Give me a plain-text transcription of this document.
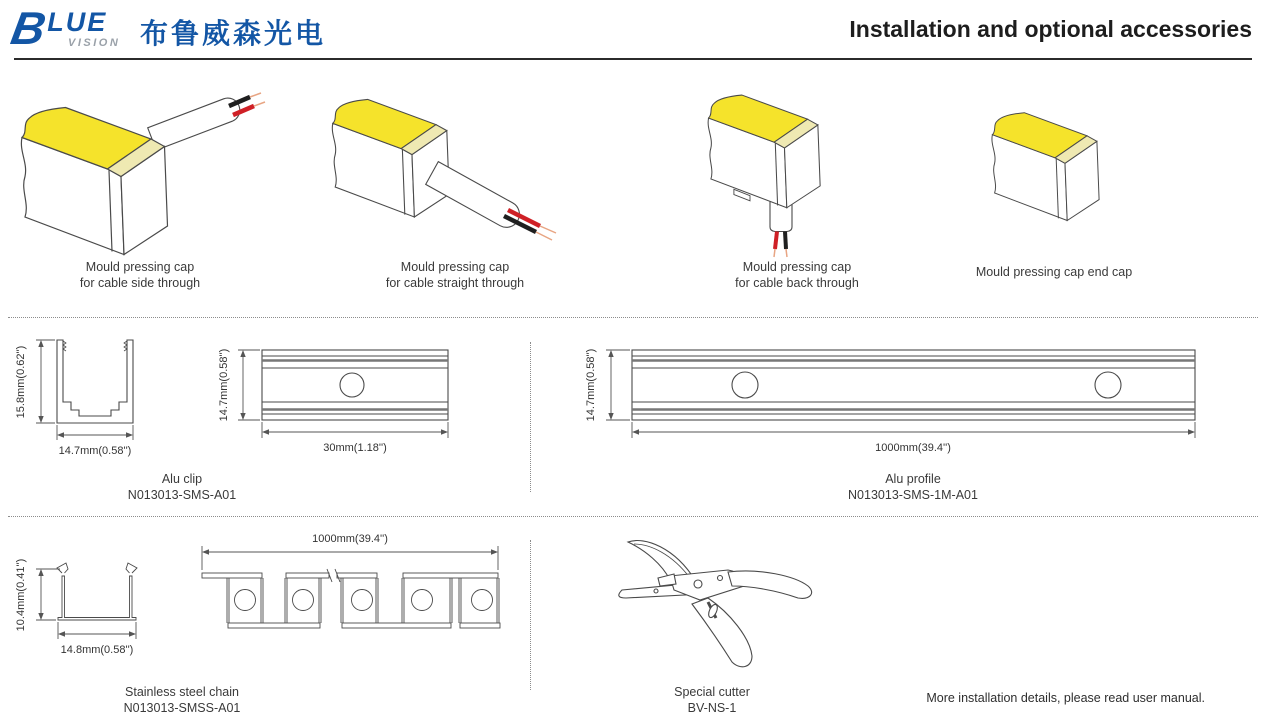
BLUE
VISION 布鲁威森光电	Installation and optional accessories
Mould pressing cap
for cable side through
Mould pressing cap
for cable straight through
Mould pressing cap
for cable back through
Mould pressing cap end cap
15.8mm(0.62'')
14.7mm(0.58'')
14.7mm(0.58'')
30mm(1.18'')
Alu clip
N013013-SMS-A01
14.7mm(0.58'')
1000mm(39.4'')
Alu profile
N013013-SMS-1M-A01
10.4mm(0.41'')
14.8mm(0.58'')
1000mm(39.4'')
Stainless steel chain
N013013-SMSS-A01
Special cutter
BV-NS-1
More installation details, please read user manual.
